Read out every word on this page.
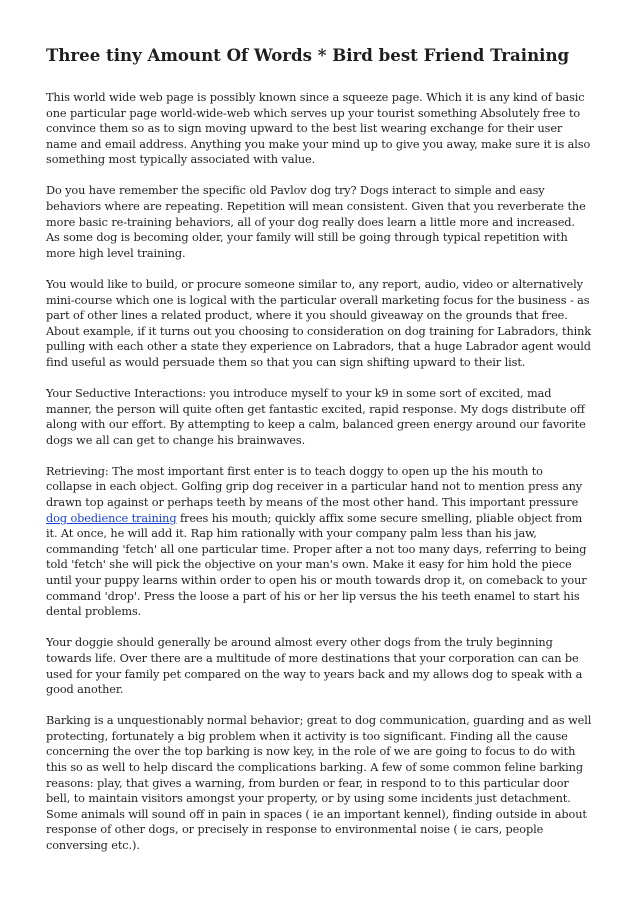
Three tiny Amount Of Words * Bird best Friend Training

This world wide web page is possibly known since a squeeze page. Which it is any kind of basic one particular page world-wide-web which serves up your tourist something Absolutely free to convince them so as to sign moving upward to the best list wearing exchange for their user name and email address. Anything you make your mind up to give you away, make sure it is also something most typically associated with value.

Do you have remember the specific old Pavlov dog try? Dogs interact to simple and easy behaviors where are repeating. Repetition will mean consistent. Given that you reverberate the more basic re-training behaviors, all of your dog really does learn a little more and increased. As some dog is becoming older, your family will still be going through typical repetition with more high level training.

You would like to build, or procure someone similar to, any report, audio, video or alternatively mini-course which one is logical with the particular overall marketing focus for the business - as part of other lines a related product, where it you should giveaway on the grounds that free. About example, if it turns out you choosing to consideration on dog training for Labradors, think pulling with each other a state they experience on Labradors, that a huge Labrador agent would find useful as would persuade them so that you can sign shifting upward to their list.

Your Seductive Interactions: you introduce myself to your k9 in some sort of excited, mad manner, the person will quite often get fantastic excited, rapid response. My dogs distribute off along with our effort. By attempting to keep a calm, balanced green energy around our favorite dogs we all can get to change his brainwaves.

Retrieving: The most important first enter is to teach doggy to open up the his mouth to collapse in each object. Golfing grip dog receiver in a particular hand not to mention press any drawn top against or perhaps teeth by means of the most other hand. This important pressure dog obedience training frees his mouth; quickly affix some secure smelling, pliable object from it. At once, he will add it. Rap him rationally with your company palm less than his jaw, commanding 'fetch' all one particular time. Proper after a not too many days, referring to being told 'fetch' she will pick the objective on your man's own. Make it easy for him hold the piece until your puppy learns within order to open his or mouth towards drop it, on comeback to your command 'drop'. Press the loose a part of his or her lip versus the his teeth enamel to start his dental problems.

Your doggie should generally be around almost every other dogs from the truly beginning towards life. Over there are a multitude of more destinations that your corporation can can be used for your family pet compared on the way to years back and my allows dog to speak with a good another.

Barking is a unquestionably normal behavior; great to dog communication, guarding and as well protecting, fortunately a big problem when it activity is too significant. Finding all the cause concerning the over the top barking is now key, in the role of we are going to focus to do with this so as well to help discard the complications barking. A few of some common feline barking reasons: play, that gives a warning, from burden or fear, in respond to to this particular door bell, to maintain visitors amongst your property, or by using some incidents just detachment. Some animals will sound off in pain in spaces ( ie an important kennel), finding outside in about response of other dogs, or precisely in response to environmental noise ( ie cars, people conversing etc.).
